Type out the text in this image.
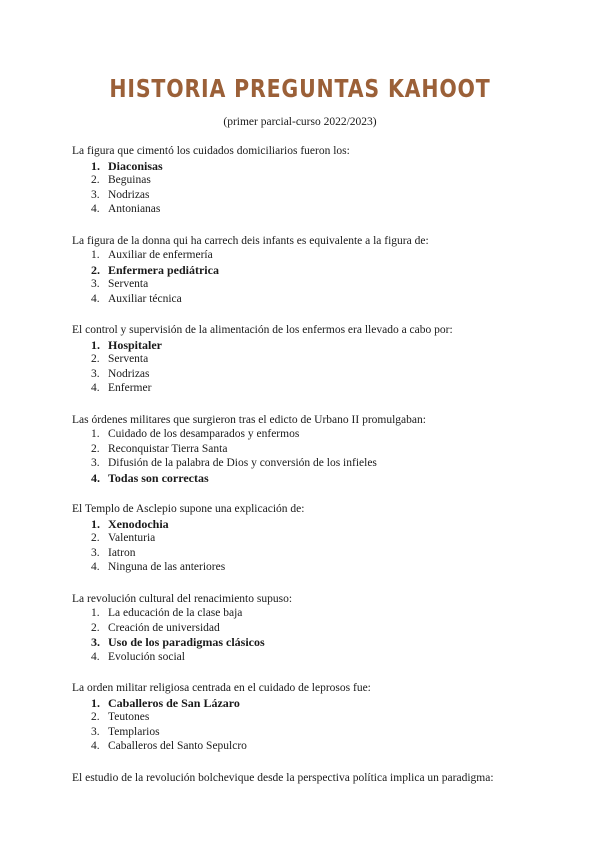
HISTORIA PREGUNTAS KAHOOT

(primer parcial-curso 2022/2023)

La figura que cimentó los cuidados domiciliarios fueron los:

1. Diaconisas
2. Beguinas
3. Nodrizas
4. Antonianas

La figura de la donna qui ha carrech deis infants es equivalente a la figura de:

1. Auxiliar de enfermería
2. Enfermera pediátrica
3. Serventa
4. Auxiliar técnica

El control y supervisión de la alimentación de los enfermos era llevado a cabo por:

1. Hospitaler
2. Serventa
3. Nodrizas
4. Enfermer

Las órdenes militares que surgieron tras el edicto de Urbano II promulgaban:

1. Cuidado de los desamparados y enfermos
2. Reconquistar Tierra Santa
3. Difusión de la palabra de Dios y conversión de los infieles
4. Todas son correctas

El Templo de Asclepio supone una explicación de:

1. Xenodochia
2. Valenturia
3. Iatron
4. Ninguna de las anteriores

La revolución cultural del renacimiento supuso:

1. La educación de la clase baja
2. Creación de universidad
3. Uso de los paradigmas clásicos
4. Evolución social

La orden militar religiosa centrada en el cuidado de leprosos fue:

1. Caballeros de San Lázaro
2. Teutones
3. Templarios
4. Caballeros del Santo Sepulcro

El estudio de la revolución bolchevique desde la perspectiva política implica un paradigma:
